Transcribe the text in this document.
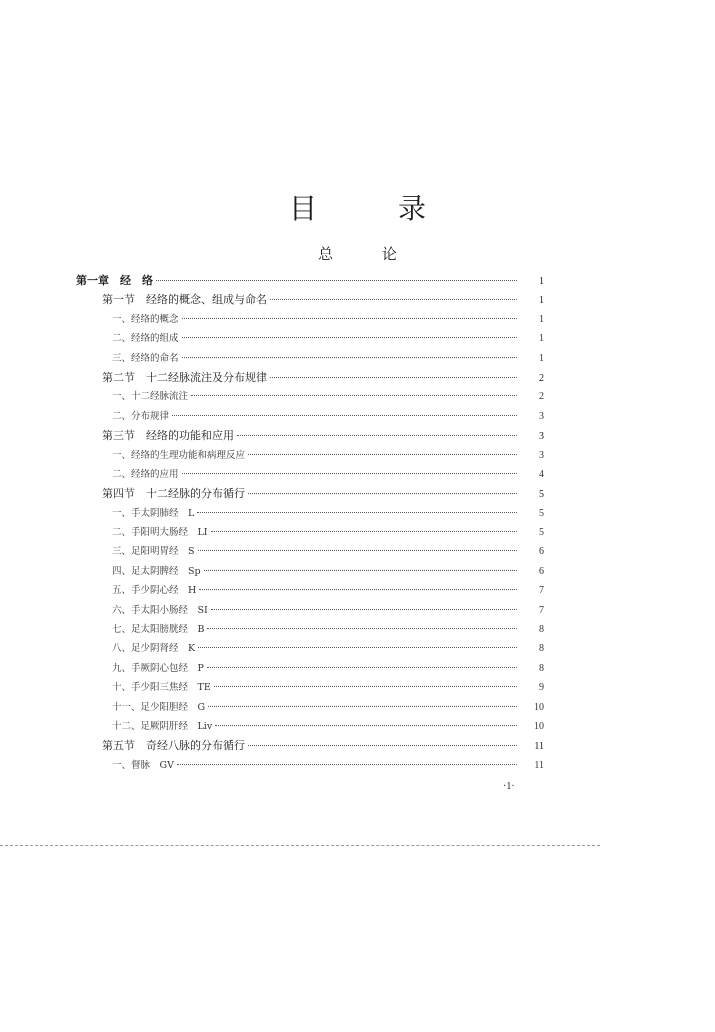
目 录
总 论
第一章　经　络	1
第一节　经络的概念、组成与命名	1
一、经络的概念	1
二、经络的组成	1
三、经络的命名	1
第二节　十二经脉流注及分布规律	2
一、十二经脉流注	2
二、分布规律	3
第三节　经络的功能和应用	3
一、经络的生理功能和病理反应	3
二、经络的应用	4
第四节　十二经脉的分布循行	5
一、手太阴肺经　L	5
二、手阳明大肠经　LI	5
三、足阳明胃经　S	6
四、足太阴脾经　Sp	6
五、手少阴心经　H	7
六、手太阳小肠经　SI	7
七、足太阳膀胱经　B	8
八、足少阴肾经　K	8
九、手厥阴心包经　P	8
十、手少阳三焦经　TE	9
十一、足少阳胆经　G	10
十二、足厥阴肝经　Liv	10
第五节　奇经八脉的分布循行	11
一、督脉　GV	11
·1·
